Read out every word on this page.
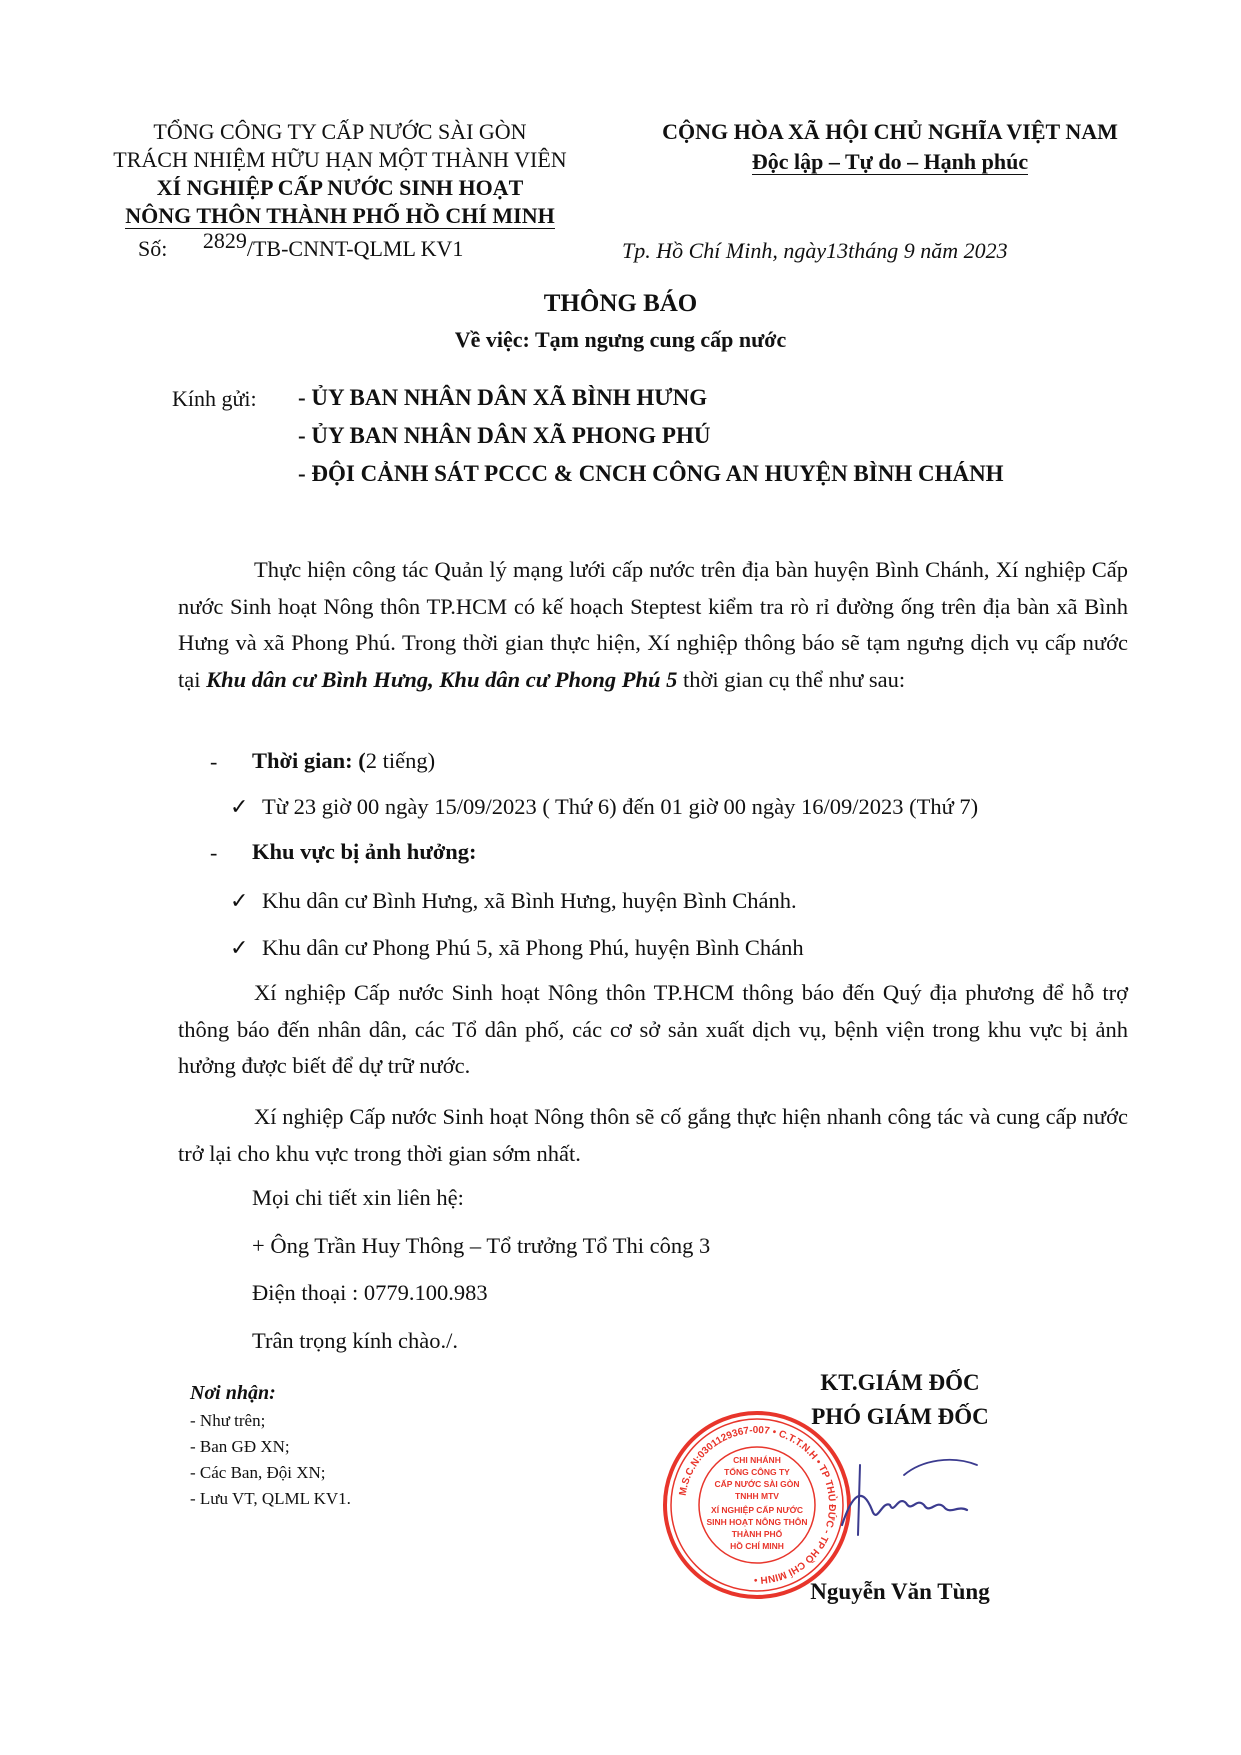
TỔNG CÔNG TY CẤP NƯỚC SÀI GÒN
TRÁCH NHIỆM HỮU HẠN MỘT THÀNH VIÊN
XÍ NGHIỆP CẤP NƯỚC SINH HOẠT
NÔNG THÔN THÀNH PHỐ HỒ CHÍ MINH
Số: 2829/TB-CNNT-QLML KV1
CỘNG HÒA XÃ HỘI CHỦ NGHĨA VIỆT NAM
Độc lập – Tự do – Hạnh phúc
Tp. Hồ Chí Minh, ngày13tháng 9 năm 2023
THÔNG BÁO
Về việc: Tạm ngưng cung cấp nước
Kính gửi: - ỦY BAN NHÂN DÂN XÃ BÌNH HƯNG
- ỦY BAN NHÂN DÂN XÃ PHONG PHÚ
- ĐỘI CẢNH SÁT PCCC & CNCH CÔNG AN HUYỆN BÌNH CHÁNH
Thực hiện công tác Quản lý mạng lưới cấp nước trên địa bàn huyện Bình Chánh, Xí nghiệp Cấp nước Sinh hoạt Nông thôn TP.HCM có kế hoạch Steptest kiểm tra rò rỉ đường ống trên địa bàn xã Bình Hưng và xã Phong Phú. Trong thời gian thực hiện, Xí nghiệp thông báo sẽ tạm ngưng dịch vụ cấp nước tại Khu dân cư Bình Hưng, Khu dân cư Phong Phú 5 thời gian cụ thể như sau:
- Thời gian: (2 tiếng)
✓ Từ 23 giờ 00 ngày 15/09/2023 ( Thứ 6) đến 01 giờ 00 ngày 16/09/2023 (Thứ 7)
- Khu vực bị ảnh hưởng:
✓ Khu dân cư Bình Hưng, xã Bình Hưng, huyện Bình Chánh.
✓ Khu dân cư Phong Phú 5, xã Phong Phú, huyện Bình Chánh
Xí nghiệp Cấp nước Sinh hoạt Nông thôn TP.HCM thông báo đến Quý địa phương để hỗ trợ thông báo đến nhân dân, các Tổ dân phố, các cơ sở sản xuất dịch vụ, bệnh viện trong khu vực bị ảnh hưởng được biết để dự trữ nước.
Xí nghiệp Cấp nước Sinh hoạt Nông thôn sẽ cố gắng thực hiện nhanh công tác và cung cấp nước trở lại cho khu vực trong thời gian sớm nhất.
Mọi chi tiết xin liên hệ:
+ Ông Trần Huy Thông – Tổ trưởng Tổ Thi công 3
Điện thoại : 0779.100.983
Trân trọng kính chào./.
Nơi nhận:
- Như trên;
- Ban GĐ XN;
- Các Ban, Đội XN;
- Lưu VT, QLML KV1.
CHI NHÁNH
TỔNG CÔNG TY
CẤP NƯỚC SÀI GÒN
TNHH MTV
XÍ NGHIỆP CẤP NƯỚC
SINH HOẠT NÔNG THÔN
THÀNH PHỐ
HỒ CHÍ MINH
M.S.C.N:0301129367-007 • C.T.T.N.H • TP THỦ ĐỨC - TP HỒ CHÍ MINH •
KT.GIÁM ĐỐC
PHÓ GIÁM ĐỐC
Nguyễn Văn Tùng
